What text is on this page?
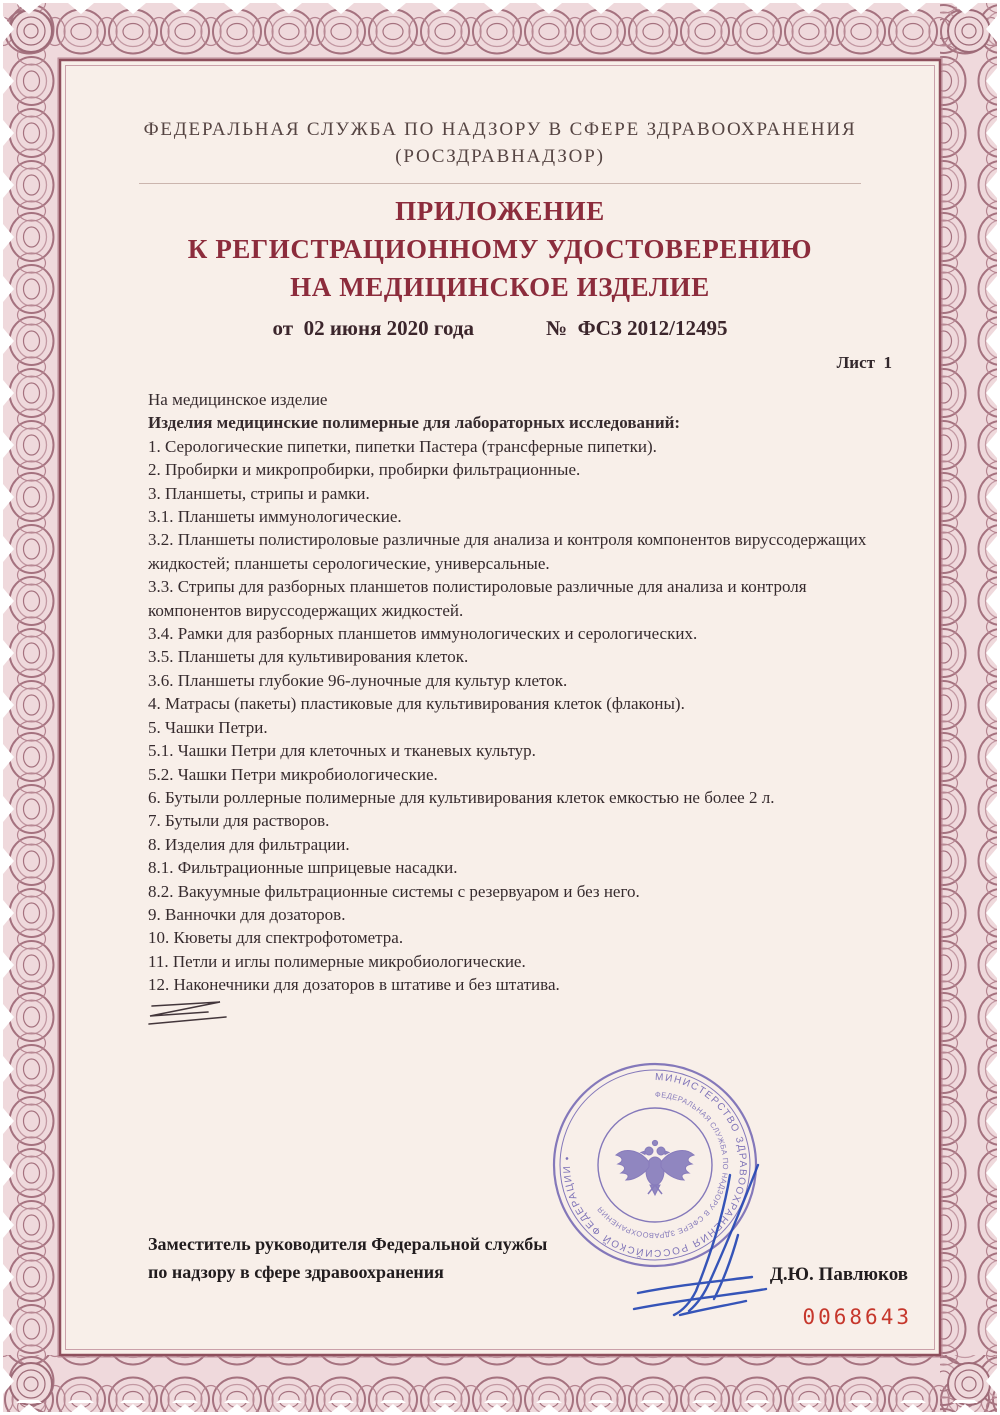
ФЕДЕРАЛЬНАЯ СЛУЖБА ПО НАДЗОРУ В СФЕРЕ ЗДРАВООХРАНЕНИЯ
(РОСЗДРАВНАДЗОР)
ПРИЛОЖЕНИЕ
К РЕГИСТРАЦИОННОМУ УДОСТОВЕРЕНИЮ
НА МЕДИЦИНСКОЕ ИЗДЕЛИЕ
от  02 июня 2020 года	№  ФСЗ 2012/12495
Лист  1

На медицинское изделие

Изделия медицинские полимерные для лабораторных исследований:

1. Серологические пипетки, пипетки Пастера (трансферные пипетки).

2. Пробирки и микропробирки, пробирки фильтрационные.

3. Планшеты, стрипы и рамки.

3.1. Планшеты иммунологические.

3.2. Планшеты полистироловые различные для анализа и контроля компонентов вируссодержащих жидкостей; планшеты серологические, универсальные.

3.3. Стрипы для разборных планшетов полистироловые различные для анализа и контроля компонентов вируссодержащих жидкостей.

3.4. Рамки для разборных планшетов иммунологических и серологических.

3.5. Планшеты для культивирования клеток.

3.6. Планшеты глубокие 96-луночные для культур клеток.

4. Матрасы (пакеты) пластиковые для культивирования клеток (флаконы).

5. Чашки Петри.

5.1. Чашки Петри для клеточных и тканевых культур.

5.2. Чашки Петри микробиологические.

6. Бутыли роллерные полимерные для культивирования клеток емкостью не более 2 л.

7. Бутыли для растворов.

8. Изделия для фильтрации.

8.1. Фильтрационные шприцевые насадки.

8.2. Вакуумные фильтрационные системы с резервуаром и без него.

9. Ванночки для дозаторов.

10. Кюветы для спектрофотометра.

11. Петли и иглы полимерные микробиологические.

12. Наконечники для дозаторов в штативе и без штатива.

МИНИСТЕРСТВО ЗДРАВООХРАНЕНИЯ РОССИЙСКОЙ ФЕДЕРАЦИИ •
ФЕДЕРАЛЬНАЯ СЛУЖБА ПО НАДЗОРУ В СФЕРЕ ЗДРАВООХРАНЕНИЯ
Заместитель руководителя Федеральной службы
по надзору в сфере здравоохранения	Д.Ю. Павлюков
0068643
